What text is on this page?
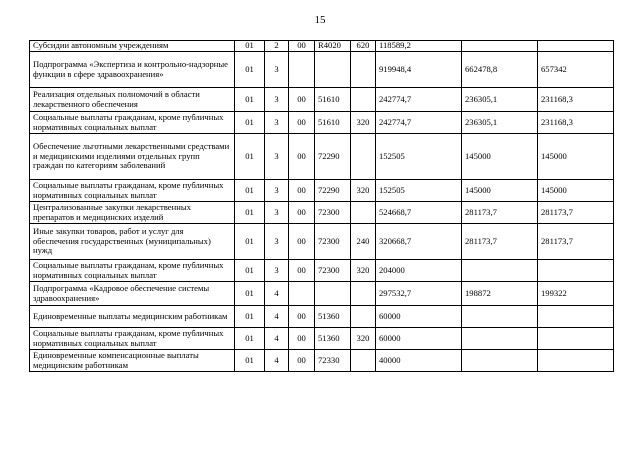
15
Субсидии автономным учреждениям	01	2	00	R4020	620	118589,2		
Подпрограмма «Экспертиза и контрольно-надзорные функции в сфере здравоохранения»	01	3				919948,4	662478,8	657342
Реализация отдельных полномочий в области лекарственного обеспечения	01	3	00	51610		242774,7	236305,1	231168,3
Социальные выплаты гражданам, кроме публичных нормативных социальных выплат	01	3	00	51610	320	242774,7	236305,1	231168,3
Обеспечение льготными лекарственными средствами и медицинскими изделиями отдельных групп граждан по категориям заболеваний	01	3	00	72290		152505	145000	145000
Социальные выплаты гражданам, кроме публичных нормативных социальных выплат	01	3	00	72290	320	152505	145000	145000
Централизованные закупки лекарственных препаратов и медицинских изделий	01	3	00	72300		524668,7	281173,7	281173,7
Иные закупки товаров, работ и услуг для обеспечения государственных (муниципальных) нужд	01	3	00	72300	240	320668,7	281173,7	281173,7
Социальные выплаты гражданам, кроме публичных нормативных социальных выплат	01	3	00	72300	320	204000		
Подпрограмма «Кадровое обеспечение системы здравоохранения»	01	4				297532,7	198872	199322
Единовременные выплаты медицинским работникам	01	4	00	51360		60000		
Социальные выплаты гражданам, кроме публичных нормативных социальных выплат	01	4	00	51360	320	60000		
Единовременные компенсационные выплаты медицинским работникам	01	4	00	72330		40000		
